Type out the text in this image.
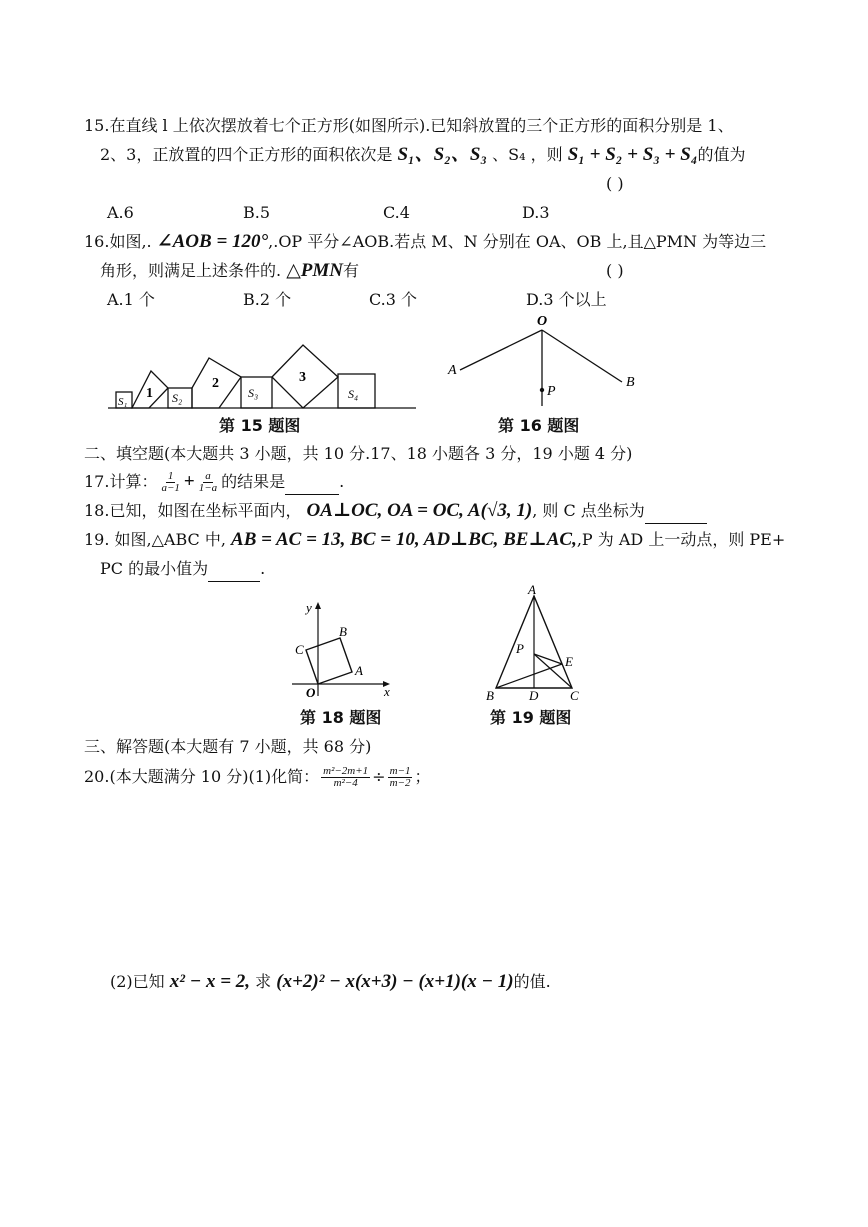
15.在直线 l 上依次摆放着七个正方形(如图所示).已知斜放置的三个正方形的面积分别是 1、
2、3，正放置的四个正方形的面积依次是 S₁、S₂、S₃ 、S₄ ，则 S₁ + S₂ + S₃ + S₄的值为
( )
A.6	B.5	C.4	D.3
16.如图,. ∠AOB = 120°,.OP 平分∠AOB.若点 M、N 分别在 OA、OB 上,且△PMN 为等边三
角形，则满足上述条件的. △PMN有	( )
A.1 个	B.2 个	C.3 个	D.3 个以上
S₁
1 S₂
2
S₃
3
S₄
第 15 题图
O
A
B
P
第 16 题图
二、填空题(本大题共 3 小题，共 10 分.17、18 小题各 3 分，19 小题 4 分)
17.计算： $\frac{1}{a-1} + \frac{a}{1-a}$ 的结果是	.
18.已知，如图在坐标平面内， OA⊥OC, OA = OC, A(√3, 1), 则 C 点坐标为
19. 如图,△ABC 中, AB = AC = 13, BC = 10, AD⊥BC, BE⊥AC,,P 为 AD 上一动点，则 PE+
PC 的最小值为	.
y
x
O
A
B
C
第 18 题图
A
B	C
D
E
P
第 19 题图
三、解答题(本大题有 7 小题，共 68 分)
20.(本大题满分 10 分)(1)化简： $\frac{\text{m²−2m+1}}{\text{m²−4}} \div \frac{m-1}{m-2}$ ；
(2)已知 x² − x = 2, 求 (x+2)² − x(x+3) − (x+1)(x − 1)的值.
